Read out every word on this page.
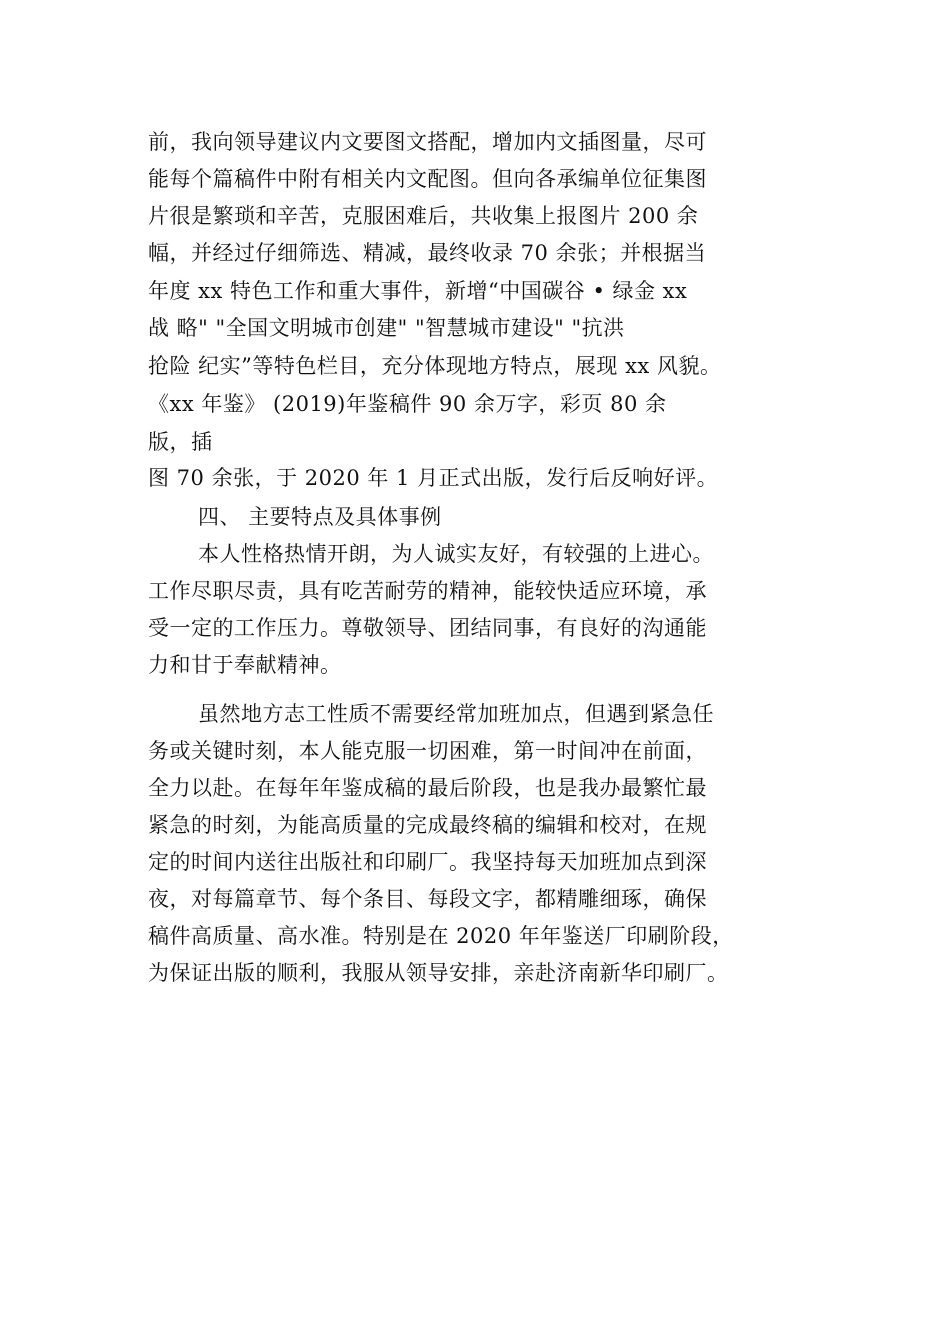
前，我向领导建议内文要图文搭配，增加内文插图量，尽可
能每个篇稿件中附有相关内文配图。但向各承编单位征集图
片很是繁琐和辛苦，克服困难后，共收集上报图片 200 余
幅，并经过仔细筛选、精减，最终收录 70 余张；并根据当
年度 xx 特色工作和重大事件，新增“中国碳谷 • 绿金 xx
战 略" "全国文明城市创建" "智慧城市建设" "抗洪
抢险 纪实”等特色栏目，充分体现地方特点，展现 xx 风貌。
《xx 年鉴》 (2019)年鉴稿件 90 余万字，彩页 80 余
版，插
图 70 余张，于 2020 年 1 月正式出版，发行后反响好评。
四、 主要特点及具体事例
本人性格热情开朗，为人诚实友好，有较强的上进心。
工作尽职尽责，具有吃苦耐劳的精神，能较快适应环境，承
受一定的工作压力。尊敬领导、团结同事，有良好的沟通能
力和甘于奉献精神。
虽然地方志工性质不需要经常加班加点，但遇到紧急任
务或关键时刻，本人能克服一切困难，第一时间冲在前面，
全力以赴。在每年年鉴成稿的最后阶段，也是我办最繁忙最
紧急的时刻，为能高质量的完成最终稿的编辑和校对，在规
定的时间内送往出版社和印刷厂。我坚持每天加班加点到深
夜，对每篇章节、每个条目、每段文字，都精雕细琢，确保
稿件高质量、高水准。特别是在 2020 年年鉴送厂印刷阶段，
为保证出版的顺利，我服从领导安排，亲赴济南新华印刷厂。
